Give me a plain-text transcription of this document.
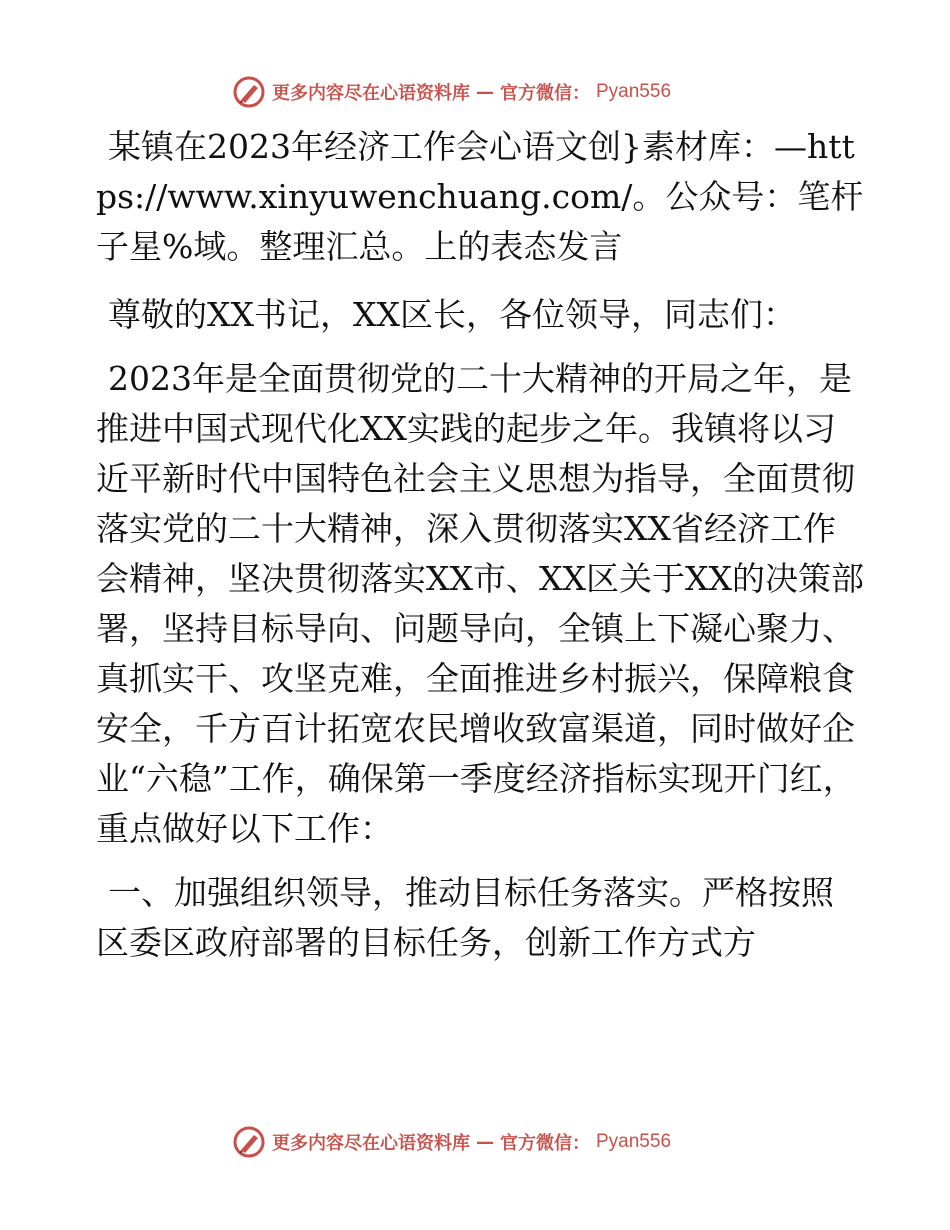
更多内容尽在心语资料库 — 官方微信： Pyan556

某镇在2023年经济工作会心语文创}素材库：—https://www.xinyuwenchuang.com/。公众号：笔杆子星%域。整理汇总。上的表态发言

尊敬的XX书记，XX区长，各位领导，同志们：

2023年是全面贯彻党的二十大精神的开局之年，是推进中国式现代化XX实践的起步之年。我镇将以习近平新时代中国特色社会主义思想为指导，全面贯彻落实党的二十大精神，深入贯彻落实XX省经济工作会精神，坚决贯彻落实XX市、XX区关于XX的决策部署，坚持目标导向、问题导向，全镇上下凝心聚力、真抓实干、攻坚克难，全面推进乡村振兴，保障粮食安全，千方百计拓宽农民增收致富渠道，同时做好企业“六稳”工作，确保第一季度经济指标实现开门红，重点做好以下工作：

一、加强组织领导，推动目标任务落实。严格按照区委区政府部署的目标任务，创新工作方式方

更多内容尽在心语资料库 — 官方微信： Pyan556
